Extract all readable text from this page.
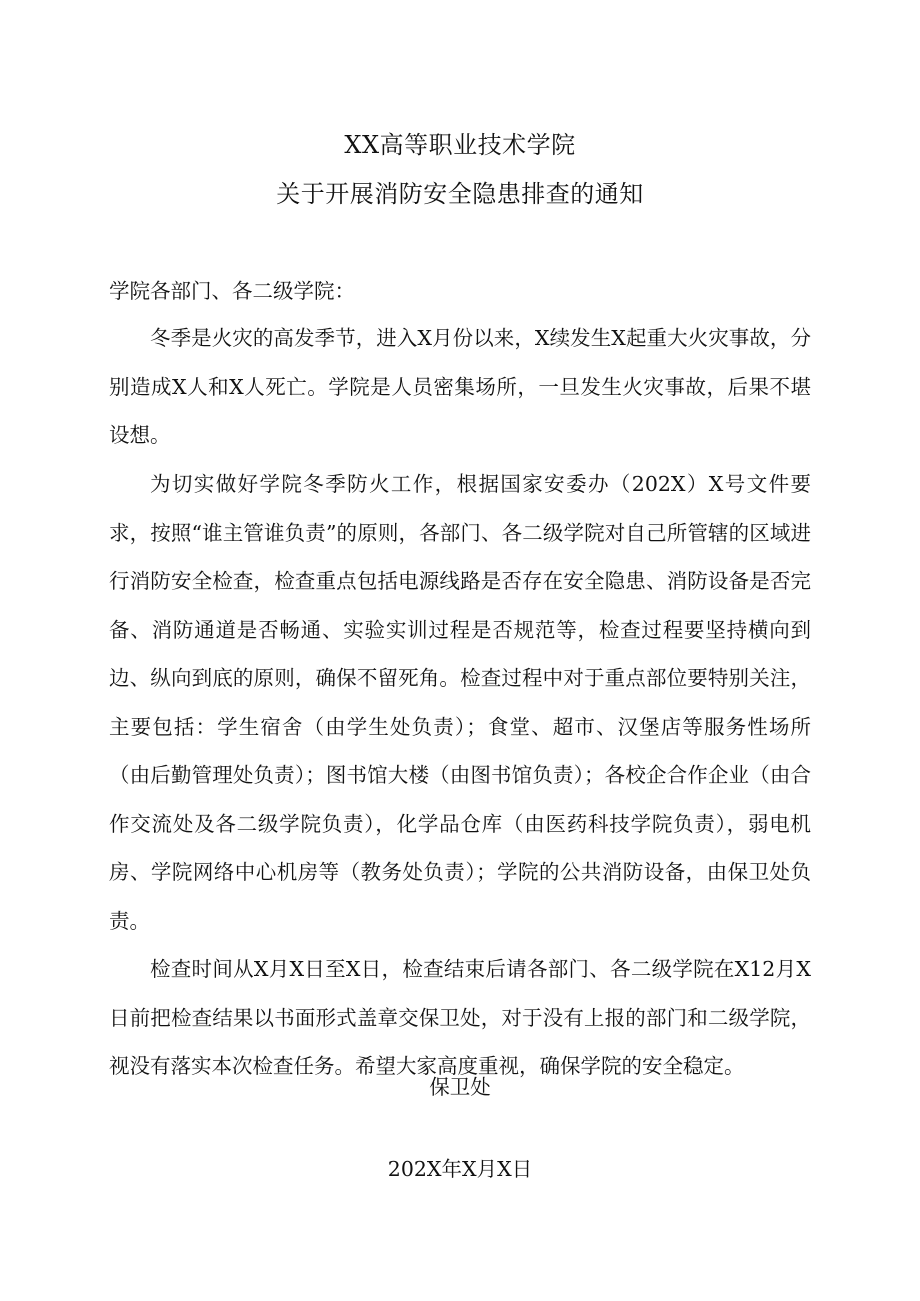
XX高等职业技术学院
关于开展消防安全隐患排查的通知
学院各部门、各二级学院：

冬季是火灾的高发季节，进入X月份以来，X续发生X起重大火灾事故，分别造成X人和X人死亡。学院是人员密集场所，一旦发生火灾事故，后果不堪设想。

为切实做好学院冬季防火工作，根据国家安委办（202X）X号文件要求，按照“谁主管谁负责”的原则，各部门、各二级学院对自己所管辖的区域进行消防安全检查，检查重点包括电源线路是否存在安全隐患、消防设备是否完备、消防通道是否畅通、实验实训过程是否规范等，检查过程要坚持横向到边、纵向到底的原则，确保不留死角。检查过程中对于重点部位要特别关注，主要包括：学生宿舍（由学生处负责）；食堂、超市、汉堡店等服务性场所（由后勤管理处负责）；图书馆大楼（由图书馆负责）；各校企合作企业（由合作交流处及各二级学院负责），化学品仓库（由医药科技学院负责），弱电机房、学院网络中心机房等（教务处负责）；学院的公共消防设备，由保卫处负责。

检查时间从X月X日至X日，检查结束后请各部门、各二级学院在X12月X日前把检查结果以书面形式盖章交保卫处，对于没有上报的部门和二级学院，视没有落实本次检查任务。希望大家高度重视，确保学院的安全稳定。

保卫处
202X年X月X日
